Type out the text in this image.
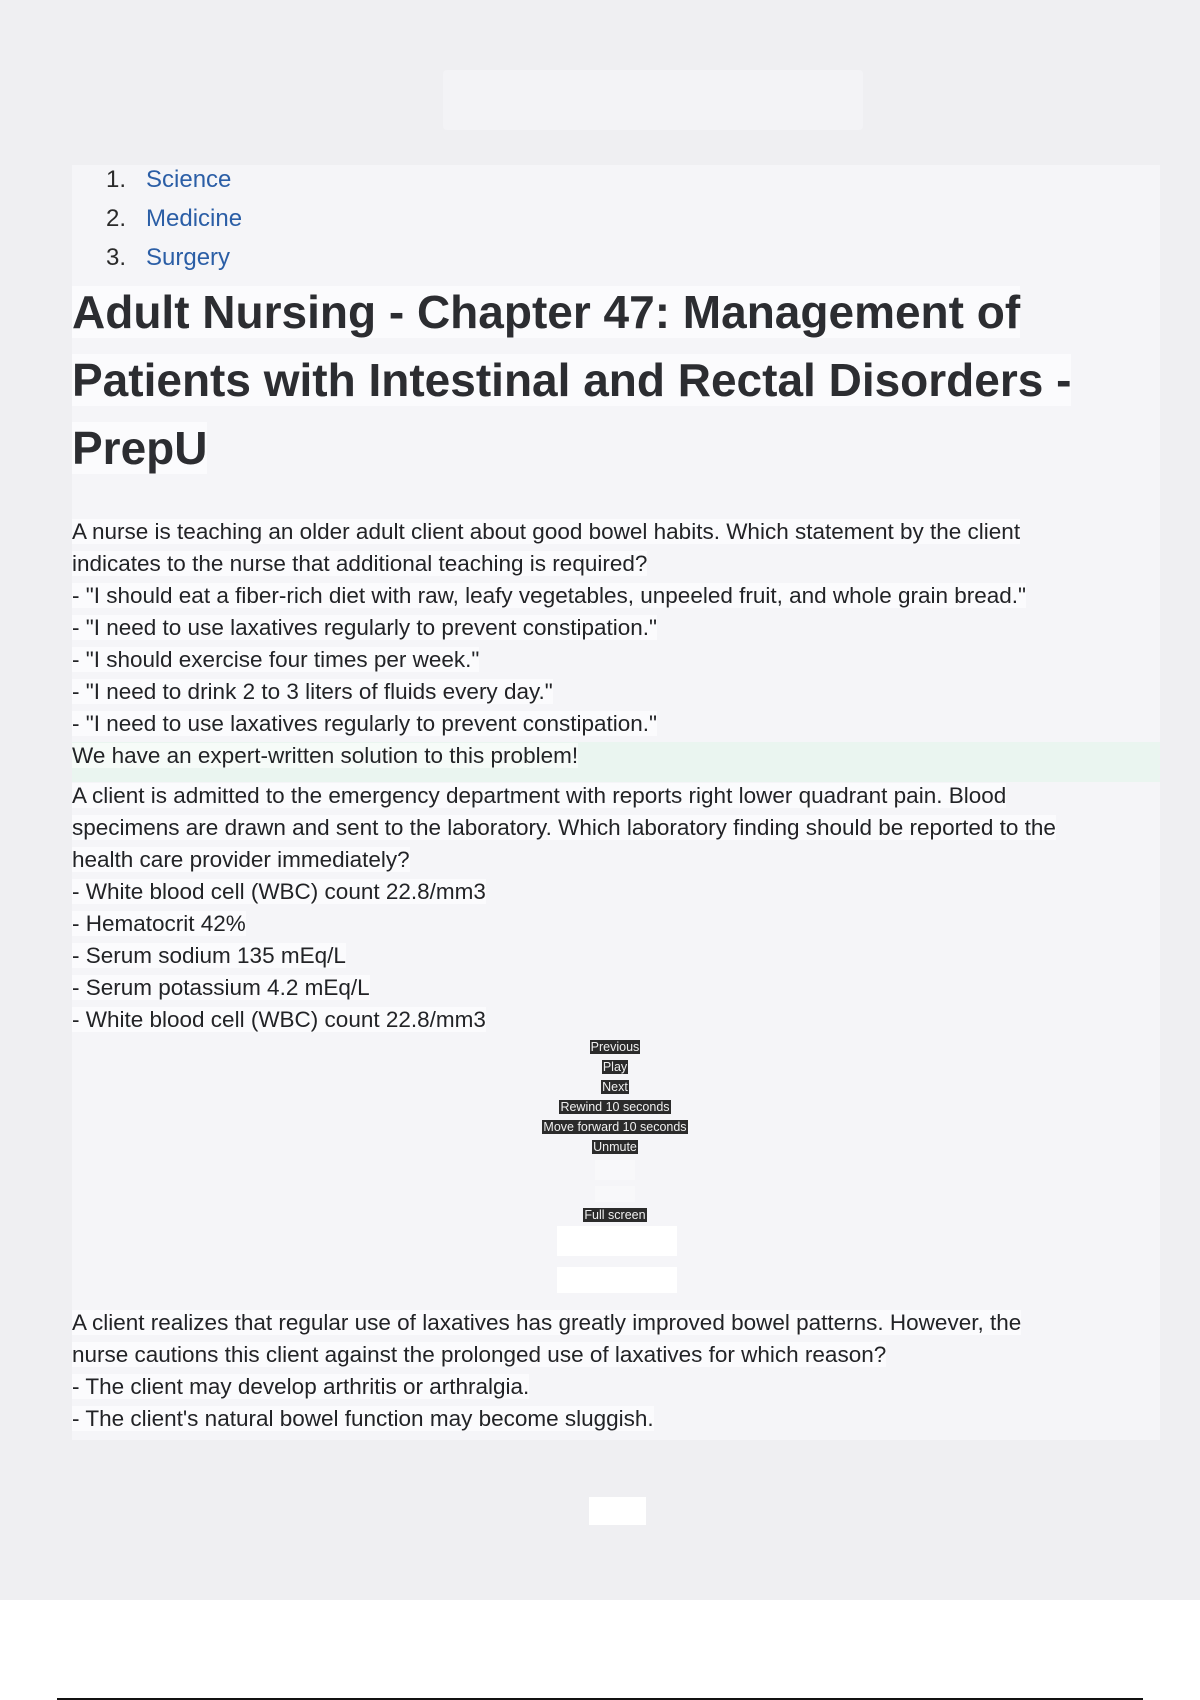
1. Science
2. Medicine
3. Surgery
Adult Nursing - Chapter 47: Management of
Patients with Intestinal and Rectal Disorders -
PrepU
A nurse is teaching an older adult client about good bowel habits. Which statement by the client
indicates to the nurse that additional teaching is required?
- "I should eat a fiber-rich diet with raw, leafy vegetables, unpeeled fruit, and whole grain bread."
- "I need to use laxatives regularly to prevent constipation."
- "I should exercise four times per week."
- "I need to drink 2 to 3 liters of fluids every day."
- "I need to use laxatives regularly to prevent constipation."
We have an expert-written solution to this problem!
A client is admitted to the emergency department with reports right lower quadrant pain. Blood
specimens are drawn and sent to the laboratory. Which laboratory finding should be reported to the
health care provider immediately?
- White blood cell (WBC) count 22.8/mm3
- Hematocrit 42%
- Serum sodium 135 mEq/L
- Serum potassium 4.2 mEq/L
- White blood cell (WBC) count 22.8/mm3
Previous
Play
Next
Rewind 10 seconds
Move forward 10 seconds
Unmute
Full screen
A client realizes that regular use of laxatives has greatly improved bowel patterns. However, the
nurse cautions this client against the prolonged use of laxatives for which reason?
- The client may develop arthritis or arthralgia.
- The client's natural bowel function may become sluggish.
